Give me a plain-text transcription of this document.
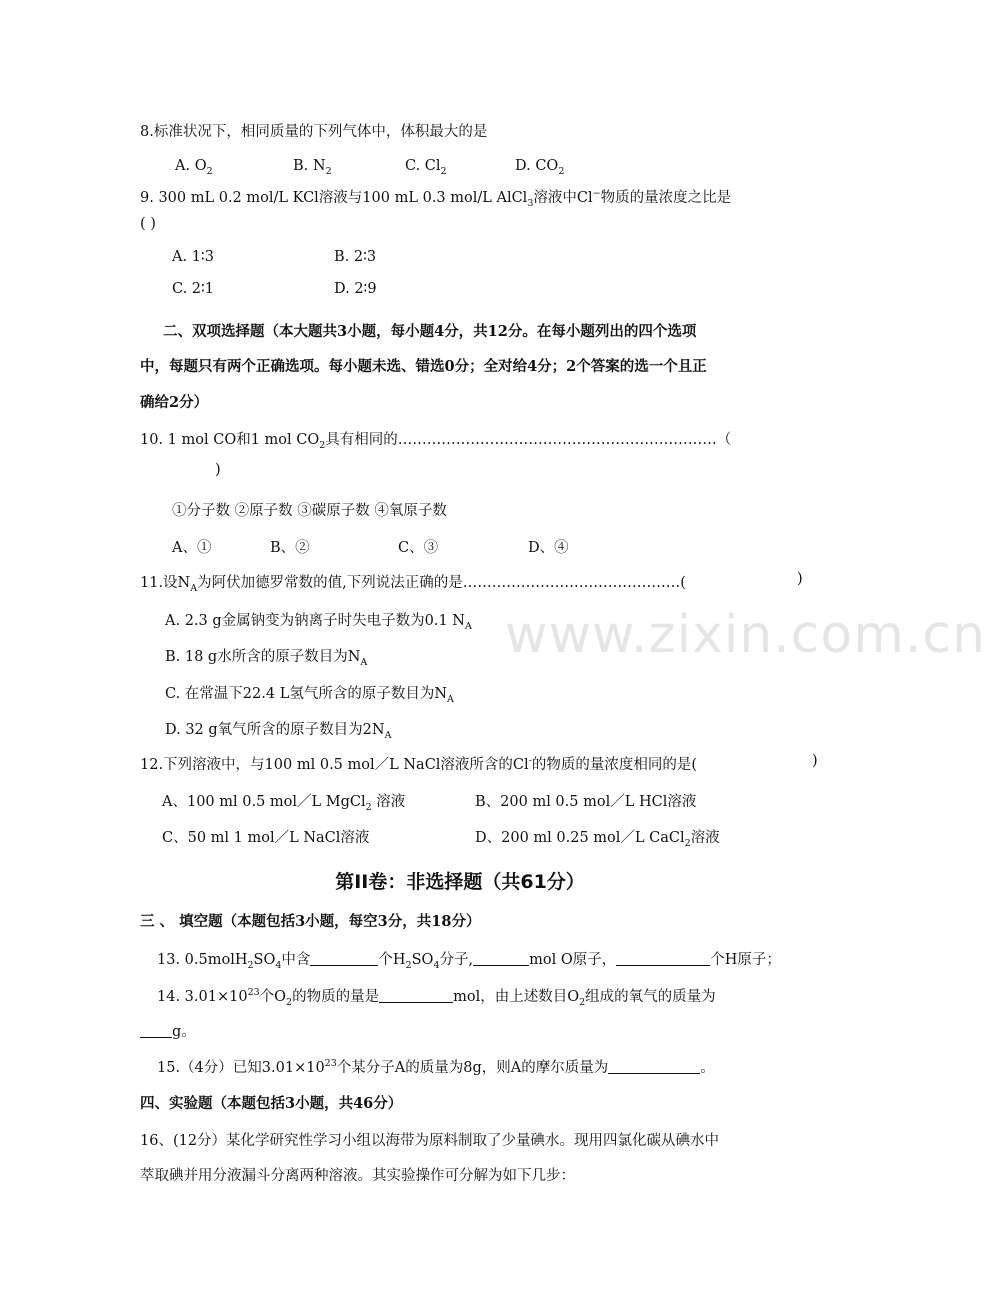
www.zixin.com.cn
8.标准状况下，相同质量的下列气体中，体积最大的是
A. $O_2$	B. $N_2$	C. $Cl_2$	D. $CO_2$
9. 300 mL 0.2 mol/L KCl溶液与100 mL 0.3 mol/L AlCl$_3$溶液中Cl−物质的量浓度之比是
( )
A. 1∶3	B. 2∶3
C. 2∶1	D. 2∶9
二、双项选择题（本大题共3小题，每小题4分，共12分。在每小题列出的四个选项
中，每题只有两个正确选项。每小题未选、错选0分；全对给4分；2个答案的选一个且正
确给2分）
10. 1 mol CO和1 mol $CO_2$具有相同的…………………………………………………………（
)
①分子数 ②原子数 ③碳原子数 ④氧原子数
A、①	B、②	C、③	D、④
11.设$N_A$为阿伏加德罗常数的值,下列说法正确的是………………………………………(	)
A. 2.3 g金属钠变为钠离子时失电子数为0.1 $N_A$
B. 18 g水所含的原子数目为$N_A$
C. 在常温下22.4 L氢气所含的原子数目为$N_A$
D. 32 g氧气所含的原子数目为$2N_A$
12.下列溶液中，与100 ml 0.5 mol／L NaCl溶液所含的Cl-的物质的量浓度相同的是(	)
A、100 ml 0.5 mol／L MgCl$_2$ 溶液	B、200 ml 0.5 mol／L HCl溶液
C、50 ml 1 mol／L NaCl溶液	D、200 ml 0.25 mol／L CaCl$_2$溶液
第II卷：非选择题（共61分）
三 、 填空题（本题包括3小题，每空3分，共18分）
13. $0.5molH_2SO_4$中含	个$H_2SO_4$分子,	mol O原子，	个H原子；
14. $3.01\times 10^{23}$个$O_2$的物质的量是	mol，由上述数目$O_2$组成的氧气的质量为
g。
15.（4分）已知$3.01\times 10^{23}$个某分子A的质量为8g，则A的摩尔质量为	。
四、实验题（本题包括3小题，共46分）
16、(12分）某化学研究性学习小组以海带为原料制取了少量碘水。现用四氯化碳从碘水中
萃取碘并用分液漏斗分离两种溶液。其实验操作可分解为如下几步：
